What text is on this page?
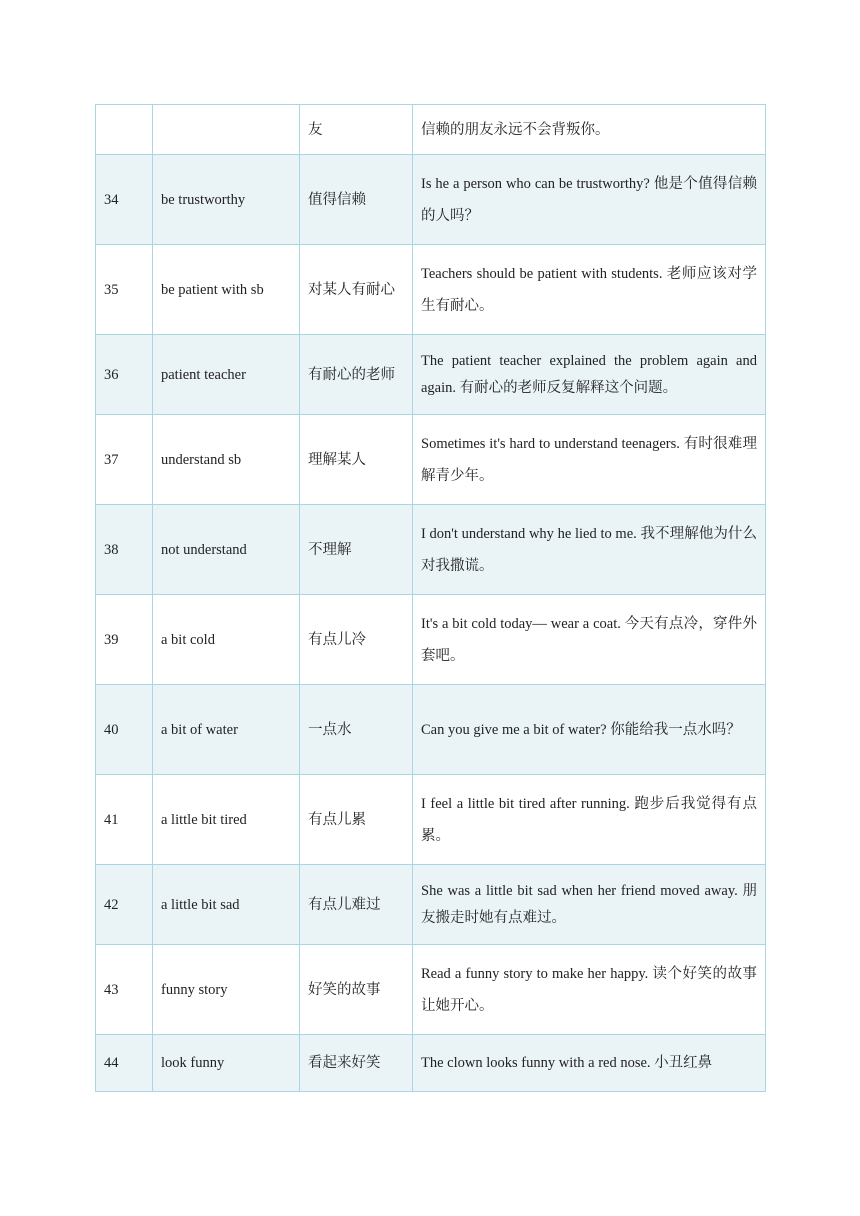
		友	信赖的朋友永远不会背叛你。
34	be trustworthy	值得信赖	Is he a person who can be trustworthy? 他是个值得信赖的人吗？
35	be patient with sb	对某人有耐心	Teachers should be patient with students. 老师应该对学生有耐心。
36	patient teacher	有耐心的老师	The patient teacher explained the problem again and again. 有耐心的老师反复解释这个问题。
37	understand sb	理解某人	Sometimes it's hard to understand teenagers. 有时很难理解青少年。
38	not understand	不理解	I don't understand why he lied to me. 我不理解他为什么对我撒谎。
39	a bit cold	有点儿冷	It's a bit cold today— wear a coat. 今天有点冷，穿件外套吧。
40	a bit of water	一点水	Can you give me a bit of water? 你能给我一点水吗？
41	a little bit tired	有点儿累	I feel a little bit tired after running. 跑步后我觉得有点累。
42	a little bit sad	有点儿难过	She was a little bit sad when her friend moved away. 朋友搬走时她有点难过。
43	funny story	好笑的故事	Read a funny story to make her happy. 读个好笑的故事让她开心。
44	look funny	看起来好笑	The clown looks funny with a red nose. 小丑红鼻
